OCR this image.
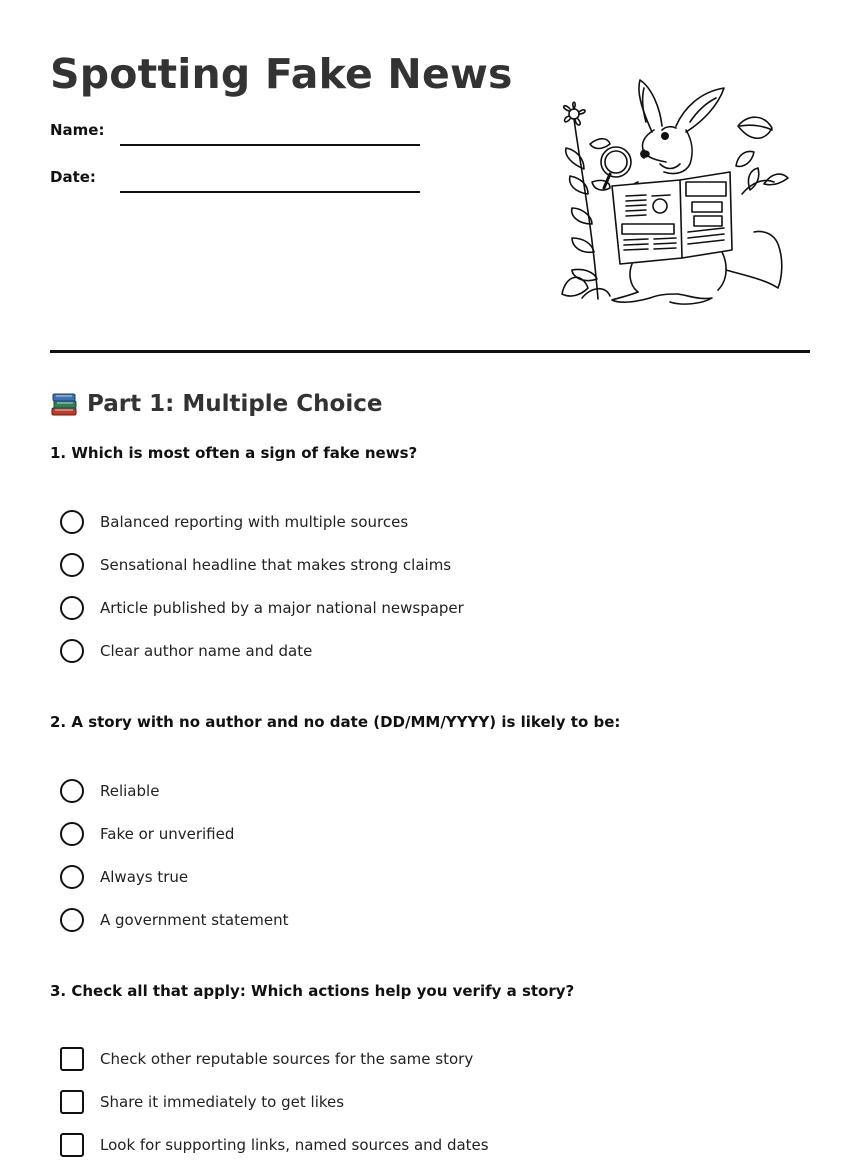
Spotting Fake News
Name:
Date:
Part 1: Multiple Choice
1. Which is most often a sign of fake news?
Balanced reporting with multiple sources
Sensational headline that makes strong claims
Article published by a major national newspaper
Clear author name and date
2. A story with no author and no date (DD/MM/YYYY) is likely to be:
Reliable
Fake or unverified
Always true
A government statement
3. Check all that apply: Which actions help you verify a story?
Check other reputable sources for the same story
Share it immediately to get likes
Look for supporting links, named sources and dates
